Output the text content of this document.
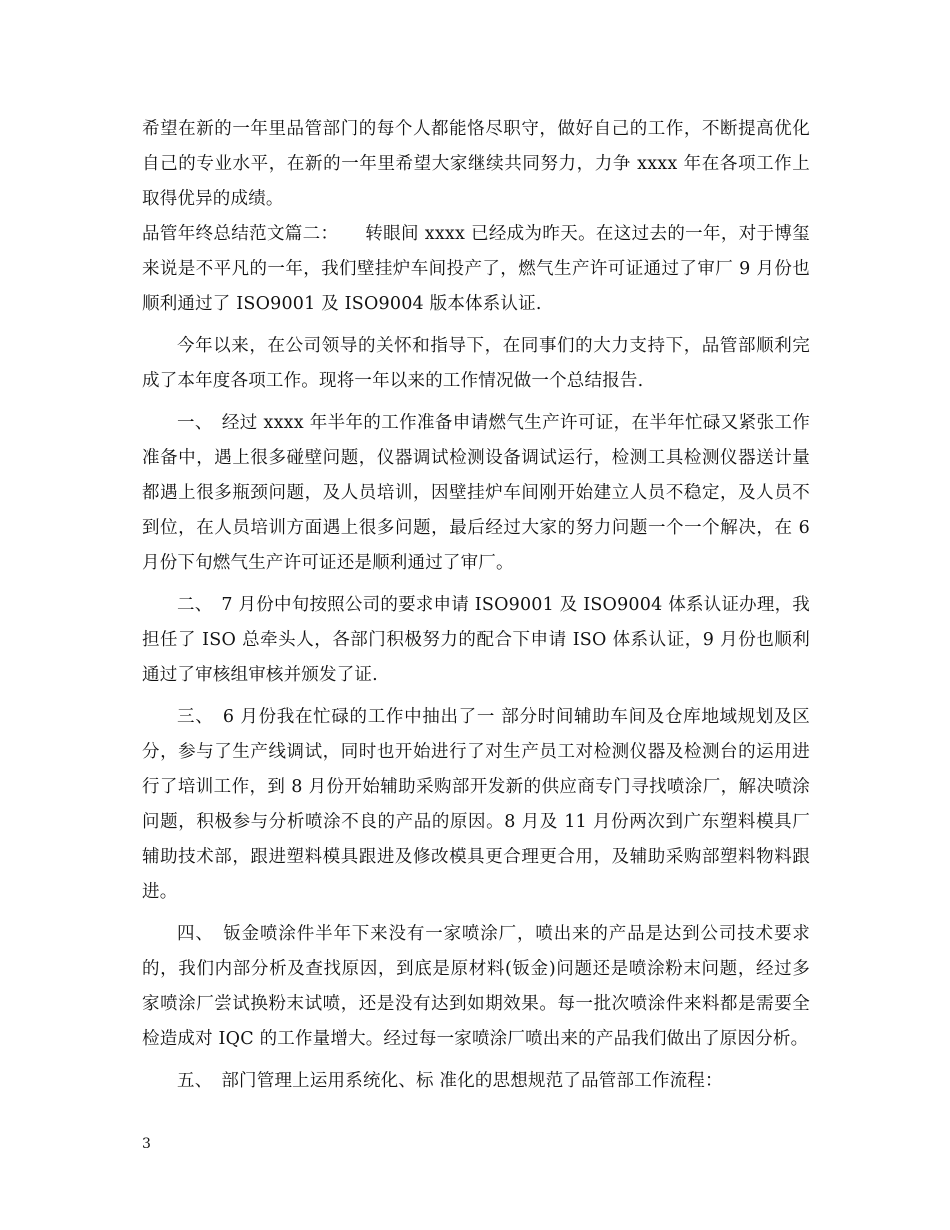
希望在新的一年里品管部门的每个人都能恪尽职守，做好自己的工作，不断提高优化自己的专业水平，在新的一年里希望大家继续共同努力，力争 xxxx 年在各项工作上取得优异的成绩。

品管年终总结范文篇二：　　转眼间 xxxx 已经成为昨天。在这过去的一年，对于博玺来说是不平凡的一年，我们壁挂炉车间投产了，燃气生产许可证通过了审厂 9 月份也顺利通过了 ISO9001 及 ISO9004 版本体系认证.

今年以来，在公司领导的关怀和指导下，在同事们的大力支持下，品管部顺利完成了本年度各项工作。现将一年以来的工作情况做一个总结报告.

一、　经过 xxxx 年半年的工作准备申请燃气生产许可证，在半年忙碌又紧张工作准备中，遇上很多碰壁问题，仪器调试检测设备调试运行，检测工具检测仪器送计量都遇上很多瓶颈问题，及人员培训，因壁挂炉车间刚开始建立人员不稳定，及人员不到位，在人员培训方面遇上很多问题，最后经过大家的努力问题一个一个解决，在 6 月份下旬燃气生产许可证还是顺利通过了审厂。

二、　7 月份中旬按照公司的要求申请 ISO9001 及 ISO9004 体系认证办理，我担任了 ISO 总牵头人，各部门积极努力的配合下申请 ISO 体系认证，9 月份也顺利通过了审核组审核并颁发了证.

三、　6 月份我在忙碌的工作中抽出了一 部分时间辅助车间及仓库地域规划及区分，参与了生产线调试，同时也开始进行了对生产员工对检测仪器及检测台的运用进行了培训工作，到 8 月份开始辅助采购部开发新的供应商专门寻找喷涂厂，解决喷涂问题，积极参与分析喷涂不良的产品的原因。8 月及 11 月份两次到广东塑料模具厂辅助技术部，跟进塑料模具跟进及修改模具更合理更合用，及辅助采购部塑料物料跟进。

四、　钣金喷涂件半年下来没有一家喷涂厂，喷出来的产品是达到公司技术要求的，我们内部分析及查找原因，到底是原材料(钣金)问题还是喷涂粉末问题，经过多家喷涂厂尝试换粉末试喷，还是没有达到如期效果。每一批次喷涂件来料都是需要全检造成对 IQC 的工作量增大。经过每一家喷涂厂喷出来的产品我们做出了原因分析。

五、　部门管理上运用系统化、标 准化的思想规范了品管部工作流程：

3
